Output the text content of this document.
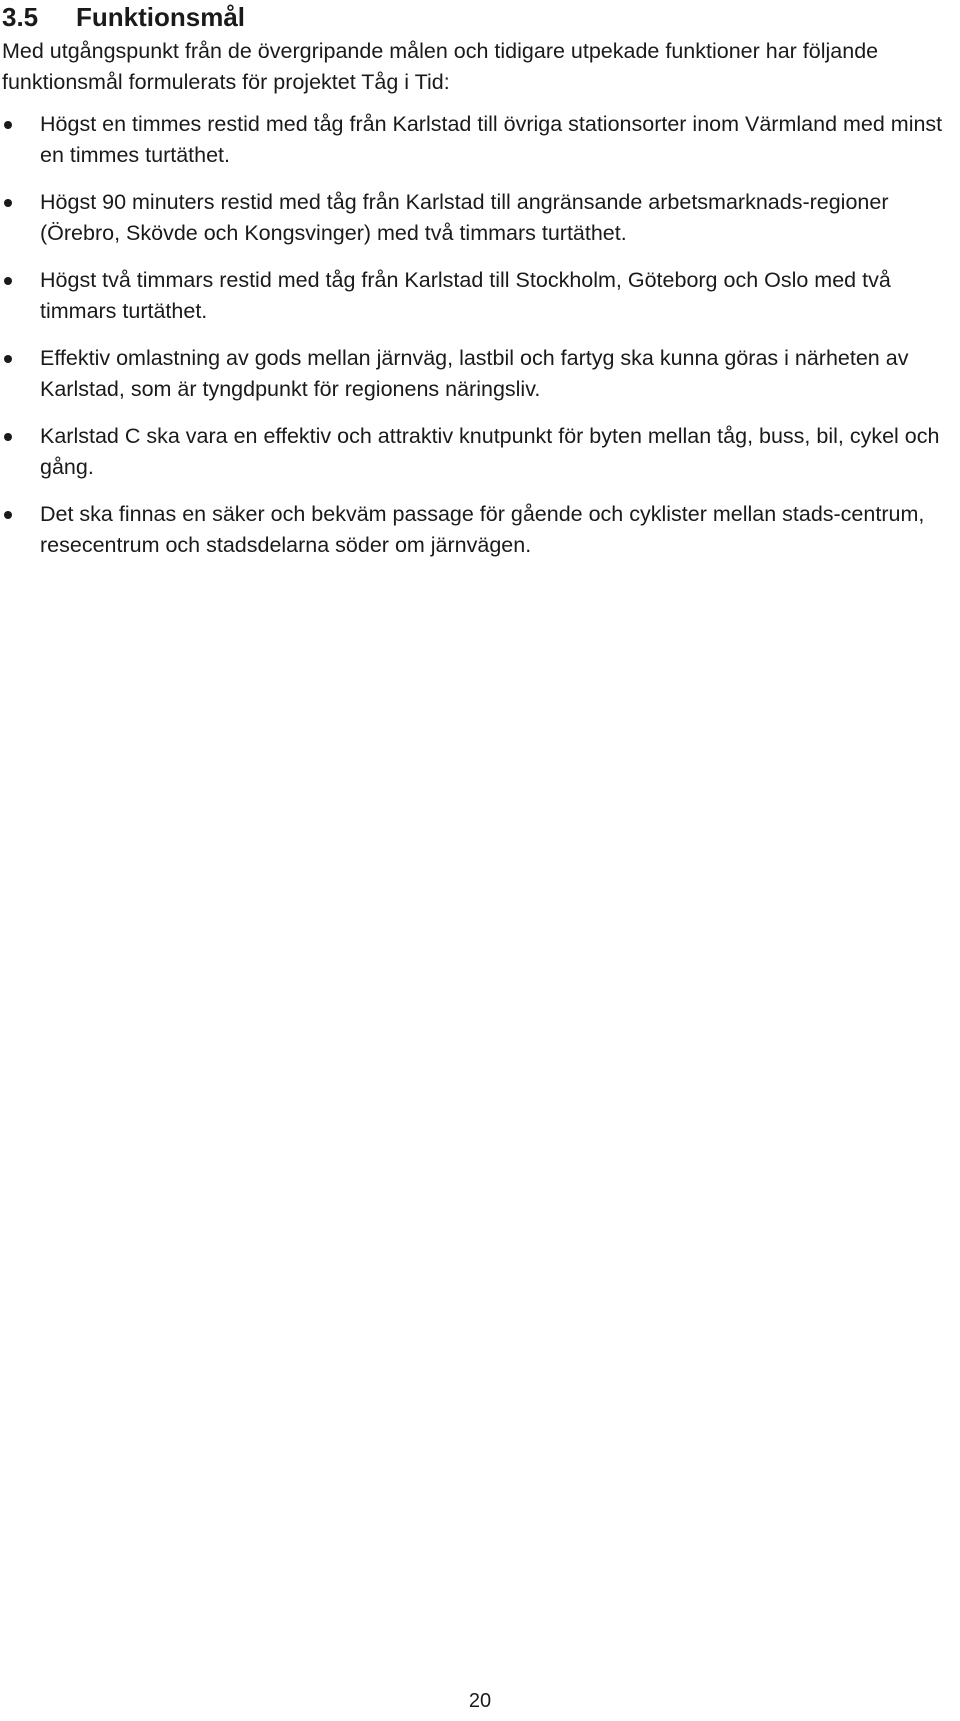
3.5 Funktionsmål
Med utgångspunkt från de övergripande målen och tidigare utpekade funktioner har följande funktionsmål formulerats för projektet Tåg i Tid:
Högst en timmes restid med tåg från Karlstad till övriga stationsorter inom Värmland med minst en timmes turtäthet.
Högst 90 minuters restid med tåg från Karlstad till angränsande arbetsmarknads-regioner (Örebro, Skövde och Kongsvinger) med två timmars turtäthet.
Högst två timmars restid med tåg från Karlstad till Stockholm, Göteborg och Oslo med två timmars turtäthet.
Effektiv omlastning av gods mellan järnväg, lastbil och fartyg ska kunna göras i närheten av Karlstad, som är tyngdpunkt för regionens näringsliv.
Karlstad C ska vara en effektiv och attraktiv knutpunkt för byten mellan tåg, buss, bil, cykel och gång.
Det ska finnas en säker och bekväm passage för gående och cyklister mellan stads-centrum, resecentrum och stadsdelarna söder om järnvägen.
20
